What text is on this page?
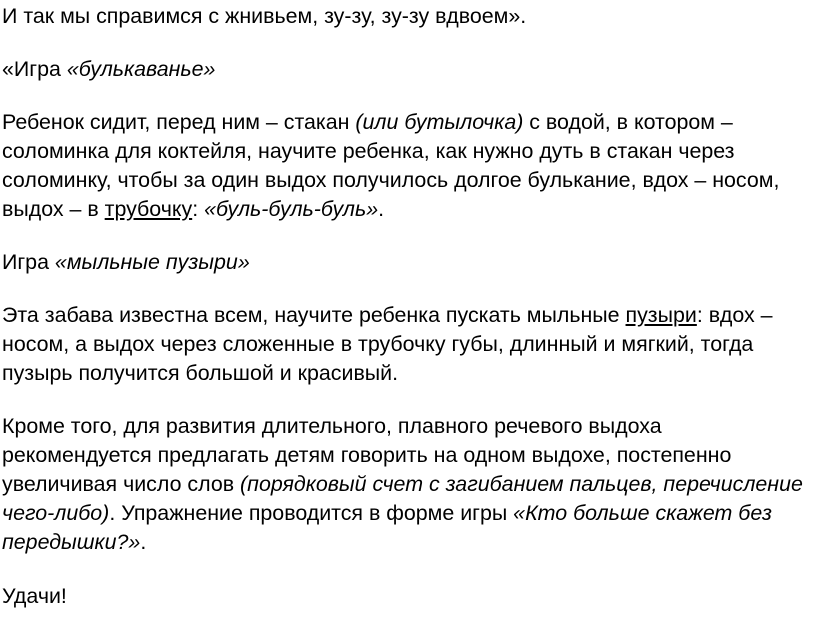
И так мы справимся с жнивьем, зу-зу, зу-зу вдвоем».

«Игра «булькаванье»

Ребенок сидит, перед ним – стакан (или бутылочка) с водой, в котором –
соломинка для коктейля, научите ребенка, как нужно дуть в стакан через
соломинку, чтобы за один выдох получилось долгое булькание, вдох – носом,
выдох – в трубочку: «буль-буль-буль».

Игра «мыльные пузыри»

Эта забава известна всем, научите ребенка пускать мыльные пузыри: вдох –
носом, а выдох через сложенные в трубочку губы, длинный и мягкий, тогда
пузырь получится большой и красивый.

Кроме того, для развития длительного, плавного речевого выдоха
рекомендуется предлагать детям говорить на одном выдохе, постепенно
увеличивая число слов (порядковый счет с загибанием пальцев, перечисление
чего-либо). Упражнение проводится в форме игры «Кто больше скажет без
передышки?».

Удачи!
